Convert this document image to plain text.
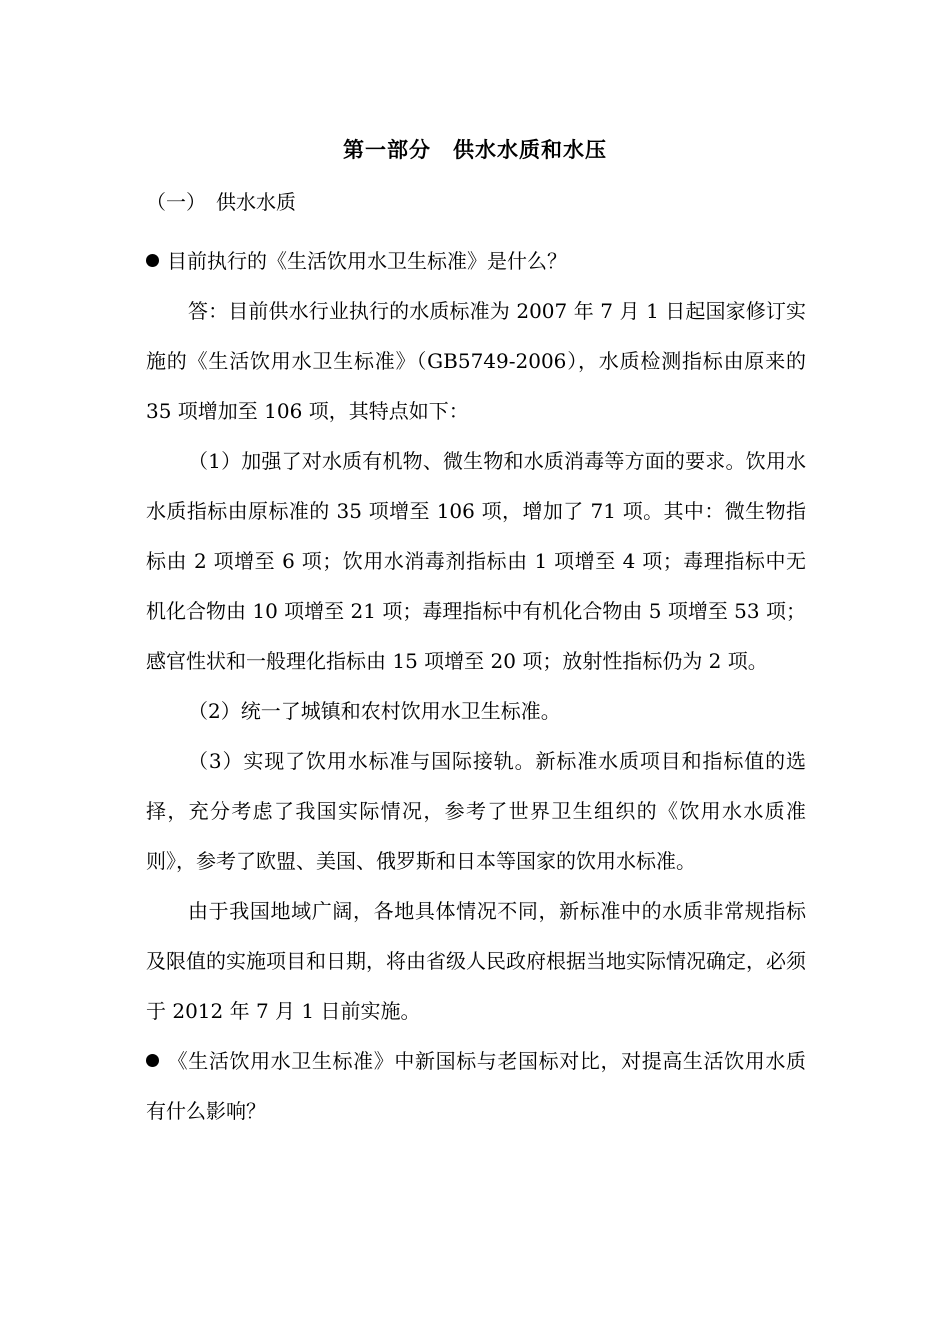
第一部分　供水水质和水压
（一）　供水水质

目前执行的《生活饮用水卫生标准》是什么？

答：目前供水行业执行的水质标准为 2007 年 7 月 1 日起国家修订实施的《生活饮用水卫生标准》（GB5749-2006），水质检测指标由原来的 35 项增加至 106 项，其特点如下：

（1）加强了对水质有机物、微生物和水质消毒等方面的要求。饮用水水质指标由原标准的 35 项增至 106 项，增加了 71 项。其中：微生物指标由 2 项增至 6 项；饮用水消毒剂指标由 1 项增至 4 项；毒理指标中无机化合物由 10 项增至 21 项；毒理指标中有机化合物由 5 项增至 53 项；感官性状和一般理化指标由 15 项增至 20 项；放射性指标仍为 2 项。

（2）统一了城镇和农村饮用水卫生标准。

（3）实现了饮用水标准与国际接轨。新标准水质项目和指标值的选择，充分考虑了我国实际情况，参考了世界卫生组织的《饮用水水质准则》，参考了欧盟、美国、俄罗斯和日本等国家的饮用水标准。

由于我国地域广阔，各地具体情况不同，新标准中的水质非常规指标及限值的实施项目和日期，将由省级人民政府根据当地实际情况确定，必须于 2012 年 7 月 1 日前实施。

《生活饮用水卫生标准》中新国标与老国标对比，对提高生活饮用水质有什么影响？
